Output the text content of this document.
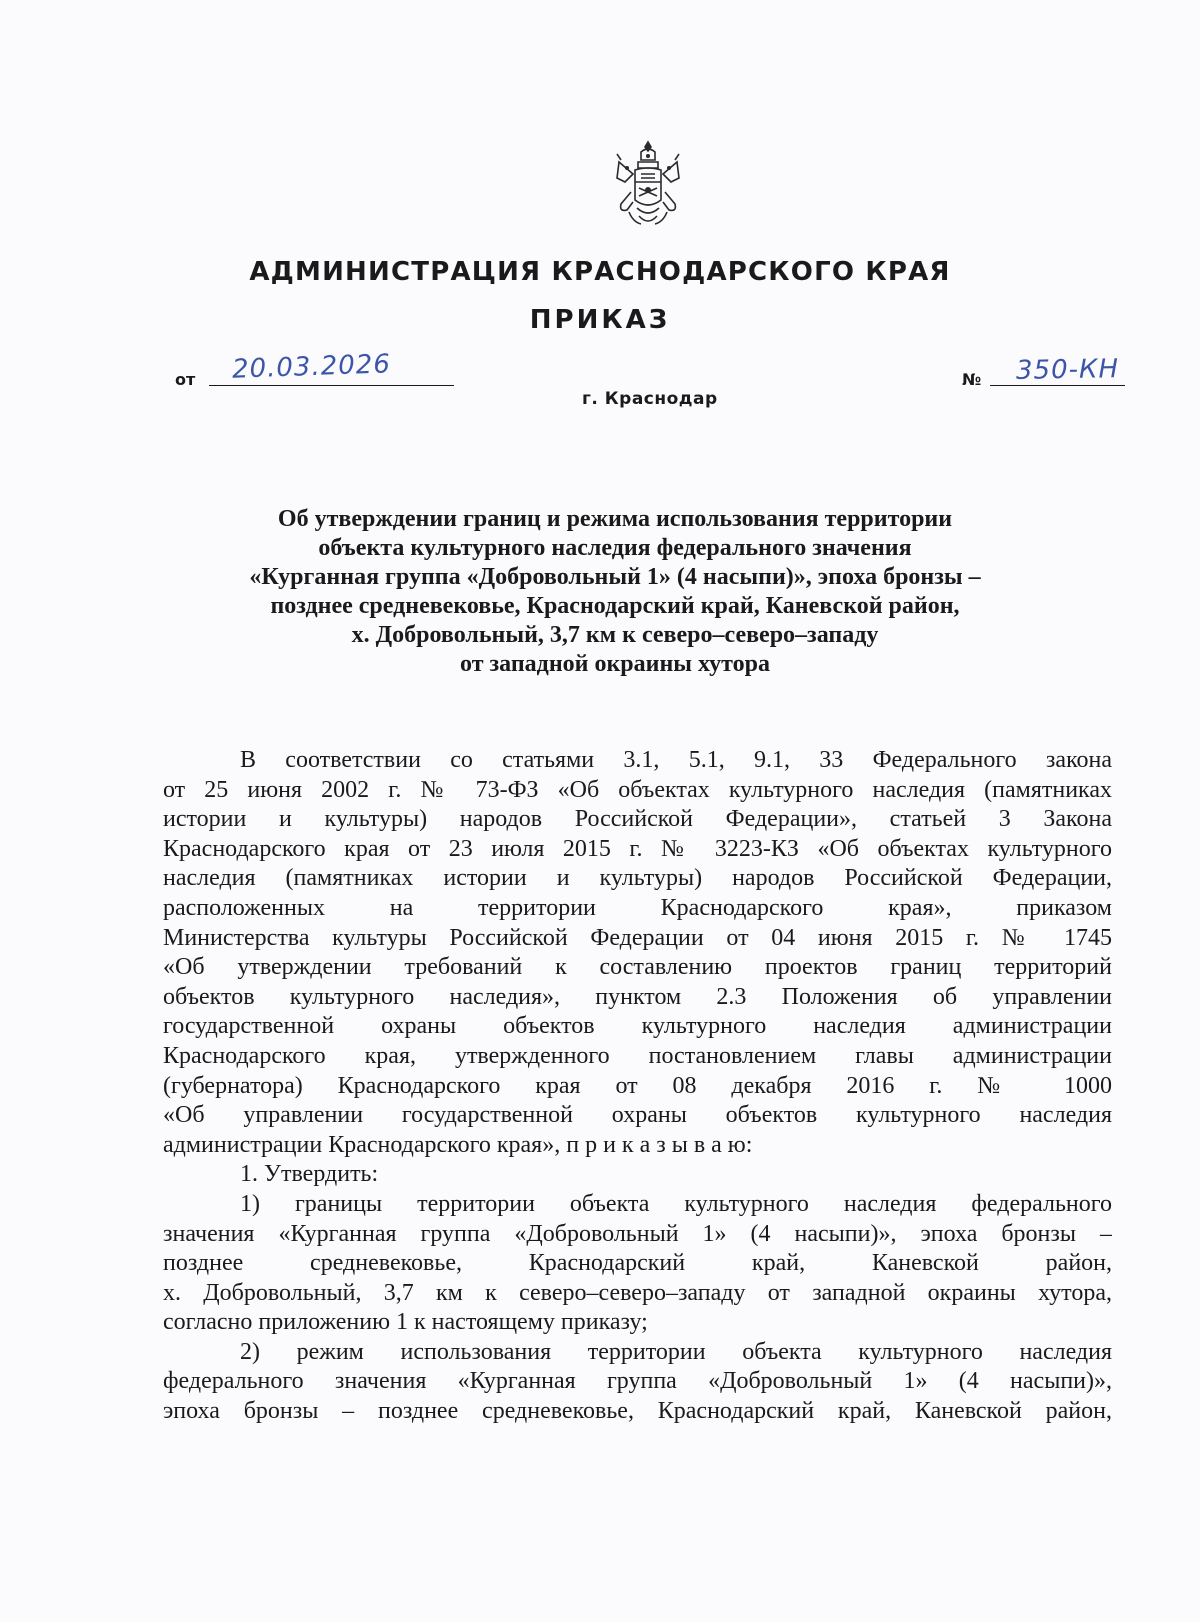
АДМИНИСТРАЦИЯ КРАСНОДАРСКОГО КРАЯ
ПРИКАЗ
от 20.03.2026	№ 350-КН
г. Краснодар
Об утверждении границ и режима использования территории
объекта культурного наследия федерального значения
«Курганная группа «Добровольный 1» (4 насыпи)», эпоха бронзы –
позднее средневековье, Краснодарский край, Каневской район,
х. Добровольный, 3,7 км к северо–северо–западу
от западной окраины хутора
В соответствии со статьями 3.1, 5.1, 9.1, 33 Федерального закона
от 25 июня 2002 г. № 73-ФЗ «Об объектах культурного наследия (памятниках
истории и культуры) народов Российской Федерации», статьей 3 Закона
Краснодарского края от 23 июля 2015 г. № 3223-КЗ «Об объектах культурного
наследия (памятниках истории и культуры) народов Российской Федерации,
расположенных на территории Краснодарского края», приказом
Министерства культуры Российской Федерации от 04 июня 2015 г. № 1745
«Об утверждении требований к составлению проектов границ территорий
объектов культурного наследия», пунктом 2.3 Положения об управлении
государственной охраны объектов культурного наследия администрации
Краснодарского края, утвержденного постановлением главы администрации
(губернатора) Краснодарского края от 08 декабря 2016 г. № 1000
«Об управлении государственной охраны объектов культурного наследия
администрации Краснодарского края», п р и к а з ы в а ю:
1. Утвердить:
1) границы территории объекта культурного наследия федерального
значения «Курганная группа «Добровольный 1» (4 насыпи)», эпоха бронзы –
позднее средневековье, Краснодарский край, Каневской район,
х. Добровольный, 3,7 км к северо–северо–западу от западной окраины хутора,
согласно приложению 1 к настоящему приказу;
2) режим использования территории объекта культурного наследия
федерального значения «Курганная группа «Добровольный 1» (4 насыпи)»,
эпоха бронзы – позднее средневековье, Краснодарский край, Каневской район,
